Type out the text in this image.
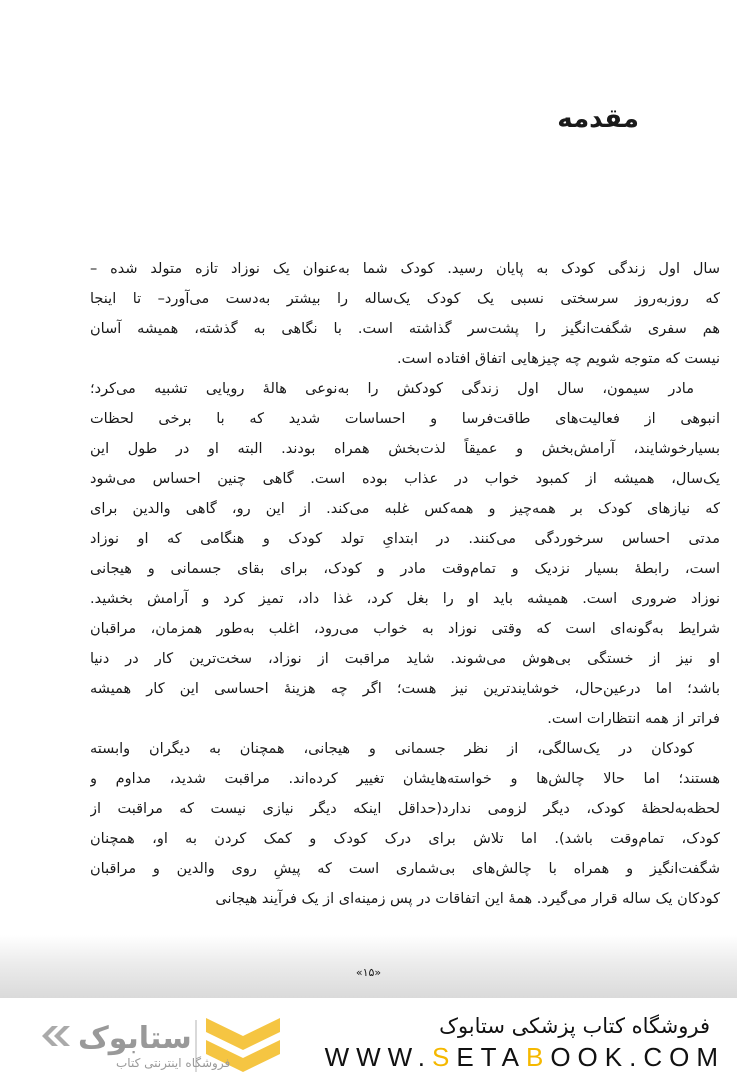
مقدمه
سال اول زندگی کودک به پایان رسید. کودک شما به‌عنوان یک نوزاد تازه متولد شده –
که روزبه‌روز سرسختی نسبی یک کودک یک‌ساله را بیشتر به‌دست می‌آورد– تا اینجا
هم سفری شگفت‌انگیز را پشت‌سر گذاشته است. با نگاهی به گذشته، همیشه آسان
نیست که متوجه شویم چه چیزهایی اتفاق افتاده است.
مادر سیمون، سال اول زندگی کودکش را به‌نوعی هالهٔ رویایی تشبیه می‌کرد؛
انبوهی از فعالیت‌های طاقت‌فرسا و احساسات شدید که با برخی لحظات
بسیارخوشایند، آرامش‌بخش و عمیقاً لذت‌بخش همراه بودند. البته او در طول این
یک‌سال، همیشه از کمبود خواب در عذاب بوده است. گاهی چنین احساس می‌شود
که نیازهای کودک بر همه‌چیز و همه‌کس غلبه می‌کند. از این رو، گاهی والدین برای
مدتی احساس سرخوردگی می‌کنند. در ابتدایِ تولد کودک و هنگامی که او نوزاد
است، رابطهٔ بسیار نزدیک و تمام‌وقت مادر و کودک، برای بقای جسمانی و هیجانی
نوزاد ضروری است. همیشه باید او را بغل کرد، غذا داد، تمیز کرد و آرامش بخشید.
شرایط به‌گونه‌ای است که وقتی نوزاد به خواب می‌رود، اغلب به‌طور همزمان، مراقبان
او نیز از خستگی بی‌هوش می‌شوند. شاید مراقبت از نوزاد، سخت‌ترین کار در دنیا
باشد؛ اما درعین‌حال، خوشایندترین نیز هست؛ اگر چه هزینهٔ احساسی این کار همیشه
فراتر از همه انتظارات است.
کودکان در یک‌سالگی، از نظر جسمانی و هیجانی، همچنان به دیگران وابسته
هستند؛ اما حالا چالش‌ها و خواسته‌هایشان تغییر کرده‌اند. مراقبت شدید، مداوم و
لحظه‌به‌لحظهٔ کودک، دیگر لزومی ندارد(حداقل اینکه دیگر نیازی نیست که مراقبت از
کودک، تمام‌وقت باشد). اما تلاش برای درک کودک و کمک کردن به او، همچنان
شگفت‌انگیز و همراه با چالش‌های بی‌شماری است که پیشِ روی والدین و مراقبان
کودکان یک ساله قرار می‌گیرد. همهٔ این اتفاقات در پس زمینه‌ای از یک فرآیند هیجانی
«۱۵»
ستابوک
فروشگاه اینترنتی کتاب
فروشگاه کتاب پزشکی ستابوک
WWW.SETABOOK.COM
